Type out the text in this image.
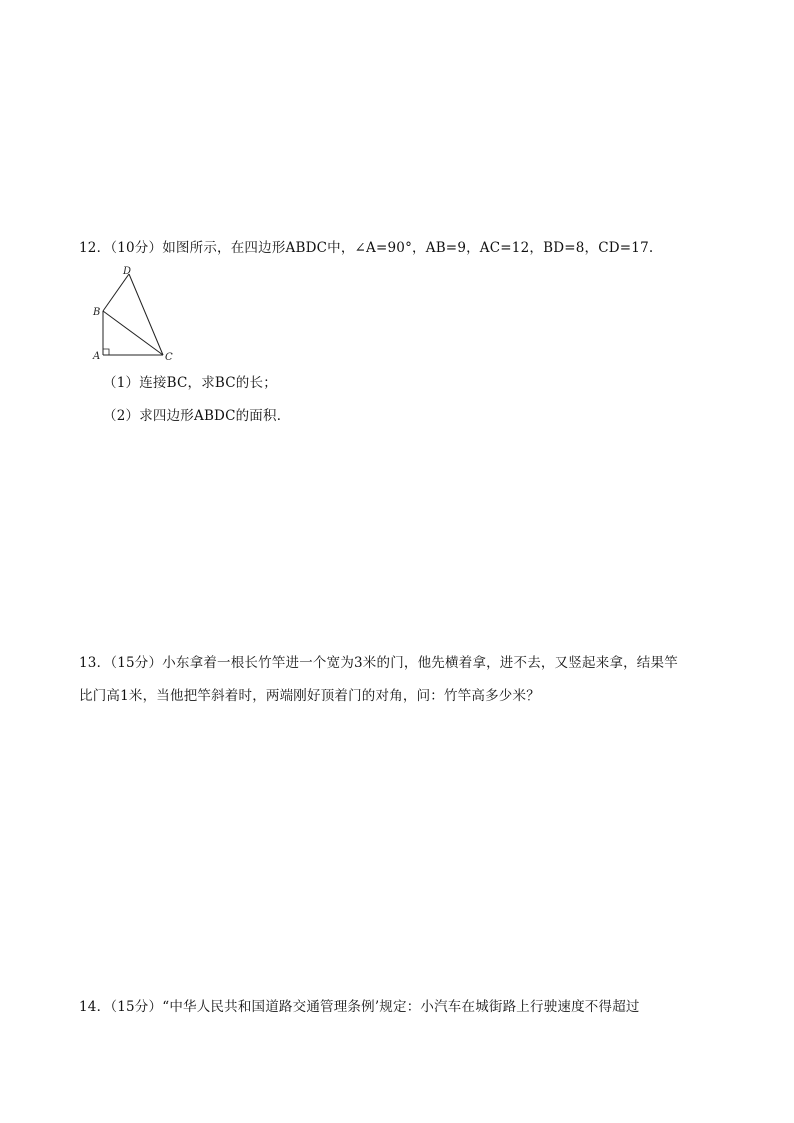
12．（10分）如图所示，在四边形ABDC中，∠A=90°，AB=9，AC=12，BD=8，CD=17.
A
B
C
D
（1）连接BC，求BC的长；
（2）求四边形ABDC的面积．
13．（15分）小东拿着一根长竹竿进一个宽为3米的门，他先横着拿，进不去，又竖起来拿，结果竿
比门高1米，当他把竿斜着时，两端刚好顶着门的对角，问：竹竿高多少米？
14．（15分）“中华人民共和国道路交通管理条例’规定：小汽车在城街路上行驶速度不得超过
